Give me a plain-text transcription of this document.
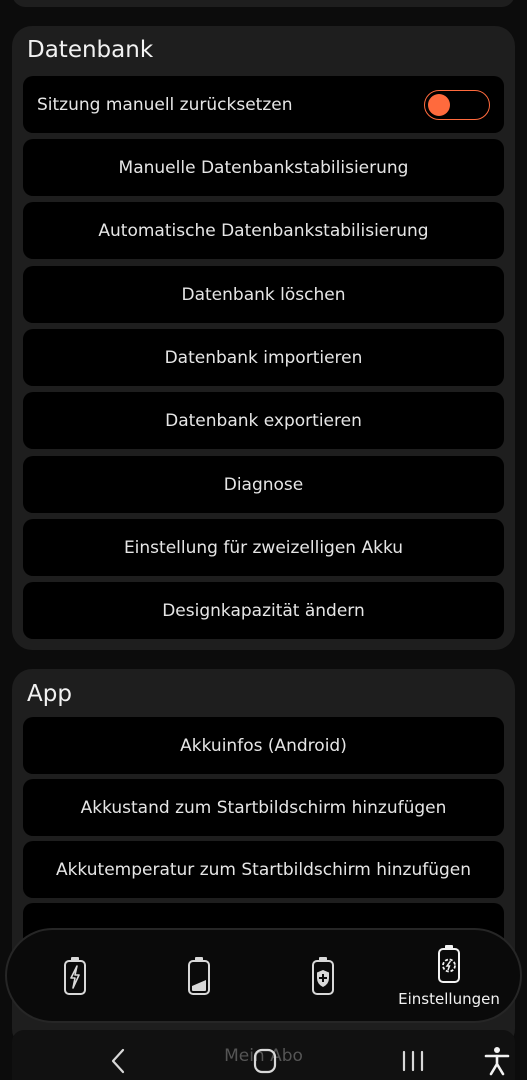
Datenbank
Sitzung manuell zurücksetzen
Manuelle Datenbankstabilisierung
Automatische Datenbankstabilisierung
Datenbank löschen
Datenbank importieren
Datenbank exportieren
Diagnose
Einstellung für zweizelligen Akku
Designkapazität ändern
App
Akkuinfos (Android)
Akkustand zum Startbildschirm hinzufügen
Akkutemperatur zum Startbildschirm hinzufügen
Mein Abo
Einstellungen
